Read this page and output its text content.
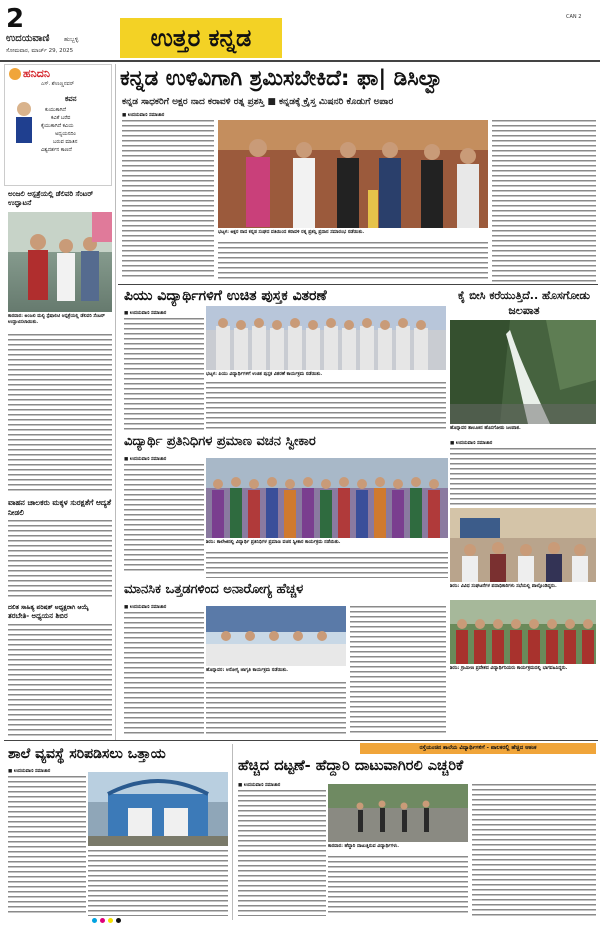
2
ಉದಯವಾಣಿ ಹುಬ್ಬಳ್ಳಿ
ಸೋಮವಾರ, ಮಾರ್ಚ್ 29, 2025	ಉತ್ತರ ಕನ್ನಡ
CAN 2
ಹನಿದನಿ
ಎಸ್. ಶೇಣಣ್ಣನವರ್
ಕವನ
ಕುಯುಕಾಗಿದೆ
ಕವಿತೆ ಬರೆವ
ಕೈಯುಕಾಗಿದೆ ಕವಿಯ
ಅಧ್ಯಯನದಿಂ
ಬರುವ ಮಾತಿನ
ವಿಶ್ವದರ್ಶನ ಕಾಣದೆ
ಅಂಜಲಿ ಆಸ್ಪತ್ರೆಯಲ್ಲಿ ಡೆಲಿವರಿ ಸೆಂಟರ್ ಉದ್ಘಾಟನೆ
ಕಾರವಾರ: ಅಂಜಲಿ ಮಲ್ಟಿ ಸ್ಪೆಷಾಲಿಟಿ ಆಸ್ಪತ್ರೆಯಲ್ಲಿ ಡೆಲಿವರಿ ಸೆಂಟರ್ ಉದ್ಘಾಟಿಸಲಾಯಿತು.
ವಾಹನ ಚಾಲಕರು ಮಕ್ಕಳ ಸುರಕ್ಷತೆಗೆ ಆದ್ಯತೆ ನೀಡಲಿ
ದಲಿತ ಸಾಹಿತ್ಯ ಪರಿಷತ್ ಅಧ್ಯಕ್ಷರಾಗಿ ಆಯ್ಕೆ
ತರಬೇತಿ- ಅಧ್ಯಯನ ಶಿಬಿರ
ಕನ್ನಡ ಉಳಿವಿಗಾಗಿ ಶ್ರಮಿಸಬೇಕಿದೆ: ಫಾ| ಡಿಸಿಲ್ವಾ
ಕನ್ನಡ ಸಾಧಕರಿಗೆ ಅಕ್ಷರ ನಾದ ಕರಾವಳಿ ರತ್ನ ಪ್ರಶಸ್ತಿ ■ ಕನ್ನಡಕ್ಕೆ ಕ್ರೈಸ್ತ ಮಿಷನರಿ ಕೊಡುಗೆ ಅಪಾರ
■ ಉದಯವಾಣಿ ಸಮಾಚಾರ
ಭಟ್ಕಳ: ಅಕ್ಷರ ನಾದ ಕನ್ನಡ ಸಂಘದ ವತಿಯಿಂದ ಕರಾವಳಿ ರತ್ನ ಪ್ರಶಸ್ತಿ ಪ್ರದಾನ ಸಮಾರಂಭ ನಡೆಯಿತು.
ಪಿಯು ವಿದ್ಯಾರ್ಥಿಗಳಿಗೆ ಉಚಿತ ಪುಸ್ತಕ ವಿತರಣೆ
■ ಉದಯವಾಣಿ ಸಮಾಚಾರ
ಭಟ್ಕಳ: ಪಿಯು ವಿದ್ಯಾರ್ಥಿಗಳಿಗೆ ಉಚಿತ ಪುಸ್ತಕ ವಿತರಣೆ ಕಾರ್ಯಕ್ರಮ ನಡೆಯಿತು.
ಕೈ ಬೀಸಿ ಕರೆಯುತ್ತಿದೆ.. ಹೊಸಗೋಡು ಜಲಪಾತ
ಹೊನ್ನಾವರ ತಾಲೂಕಿನ ಹೊಸಗೋಡು ಜಲಪಾತ.
■ ಉದಯವಾಣಿ ಸಮಾಚಾರ
ವಿದ್ಯಾರ್ಥಿ ಪ್ರತಿನಿಧಿಗಳ ಪ್ರಮಾಣ ವಚನ ಸ್ವೀಕಾರ
■ ಉದಯವಾಣಿ ಸಮಾಚಾರ
ಶಿರಸಿ: ಕಾಲೇಜಿನಲ್ಲಿ ವಿದ್ಯಾರ್ಥಿ ಪ್ರತಿನಿಧಿಗಳ ಪ್ರಮಾಣ ವಚನ ಸ್ವೀಕಾರ ಕಾರ್ಯಕ್ರಮ ನಡೆಯಿತು.
ಶಿರಸಿ: ವಿವಿಧ ಸಂಘಟನೆಗಳ ಪದಾಧಿಕಾರಿಗಳು ಸಭೆಯಲ್ಲಿ ಪಾಲ್ಗೊಂಡಿದ್ದರು.
ಶಿರಸಿ: ಗ್ರಾಮೀಣ ಪ್ರದೇಶದ ವಿದ್ಯಾರ್ಥಿನಿಯರು ಕಾರ್ಯಕ್ರಮದಲ್ಲಿ ಭಾಗವಹಿಸಿದ್ದರು.
ಮಾನಸಿಕ ಒತ್ತಡಗಳಿಂದ ಅನಾರೋಗ್ಯ ಹೆಚ್ಚಳ
■ ಉದಯವಾಣಿ ಸಮಾಚಾರ
ಹೊನ್ನಾವರ: ಆರೋಗ್ಯ ಜಾಗೃತಿ ಕಾರ್ಯಕ್ರಮ ನಡೆಯಿತು.
ಶಾಲೆ ವ್ಯವಸ್ಥೆ ಸರಿಪಡಿಸಲು ಒತ್ತಾಯ
■ ಉದಯವಾಣಿ ಸಮಾಚಾರ
ರಸ್ತೆಯಂಚಿನ ಶಾಲೆಯ ವಿದ್ಯಾರ್ಥಿಗಳಿಗೆ - ಪಾಲಕರಲ್ಲಿ ಹೆಚ್ಚಿದ ಆತಂಕ
ಹೆಚ್ಚಿದ ದಟ್ಟಣೆ- ಹೆದ್ದಾರಿ ದಾಟುವಾಗಿರಲಿ ಎಚ್ಚರಿಕೆ
■ ಉದಯವಾಣಿ ಸಮಾಚಾರ
ಕಾರವಾರ: ಹೆದ್ದಾರಿ ದಾಟುತ್ತಿರುವ ವಿದ್ಯಾರ್ಥಿಗಳು.
